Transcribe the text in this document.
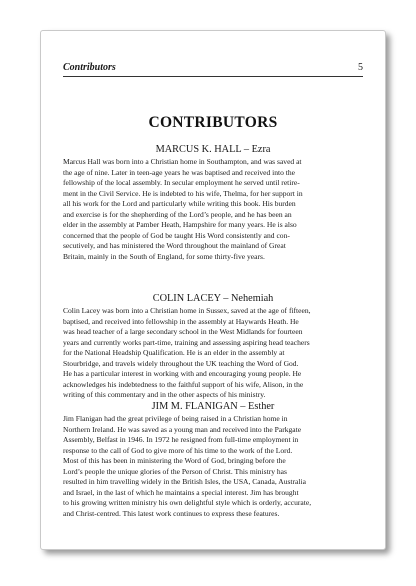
Contributors	5
CONTRIBUTORS
MARCUS K. HALL – Ezra
Marcus Hall was born into a Christian home in Southampton, and was saved at
the age of nine. Later in teen-age years he was baptised and received into the
fellowship of the local assembly. In secular employment he served until retire-
ment in the Civil Service. He is indebted to his wife, Thelma, for her support in
all his work for the Lord and particularly while writing this book. His burden
and exercise is for the shepherding of the Lord’s people, and he has been an
elder in the assembly at Pamber Heath, Hampshire for many years. He is also
concerned that the people of God be taught His Word consistently and con-
secutively, and has ministered the Word throughout the mainland of Great
Britain, mainly in the South of England, for some thirty-five years.
COLIN LACEY – Nehemiah
Colin Lacey was born into a Christian home in Sussex, saved at the age of fifteen,
baptised, and received into fellowship in the assembly at Haywards Heath. He
was head teacher of a large secondary school in the West Midlands for fourteen
years and currently works part-time, training and assessing aspiring head teachers
for the National Headship Qualification. He is an elder in the assembly at
Stourbridge, and travels widely throughout the UK teaching the Word of God.
He has a particular interest in working with and encouraging young people. He
acknowledges his indebtedness to the faithful support of his wife, Alison, in the
writing of this commentary and in the other aspects of his ministry.
JIM M. FLANIGAN – Esther
Jim Flanigan had the great privilege of being raised in a Christian home in
Northern Ireland. He was saved as a young man and received into the Parkgate
Assembly, Belfast in 1946. In 1972 he resigned from full-time employment in
response to the call of God to give more of his time to the work of the Lord.
Most of this has been in ministering the Word of God, bringing before the
Lord’s people the unique glories of the Person of Christ. This ministry has
resulted in him travelling widely in the British Isles, the USA, Canada, Australia
and Israel, in the last of which he maintains a special interest. Jim has brought
to his growing written ministry his own delightful style which is orderly, accurate,
and Christ-centred. This latest work continues to express these features.
